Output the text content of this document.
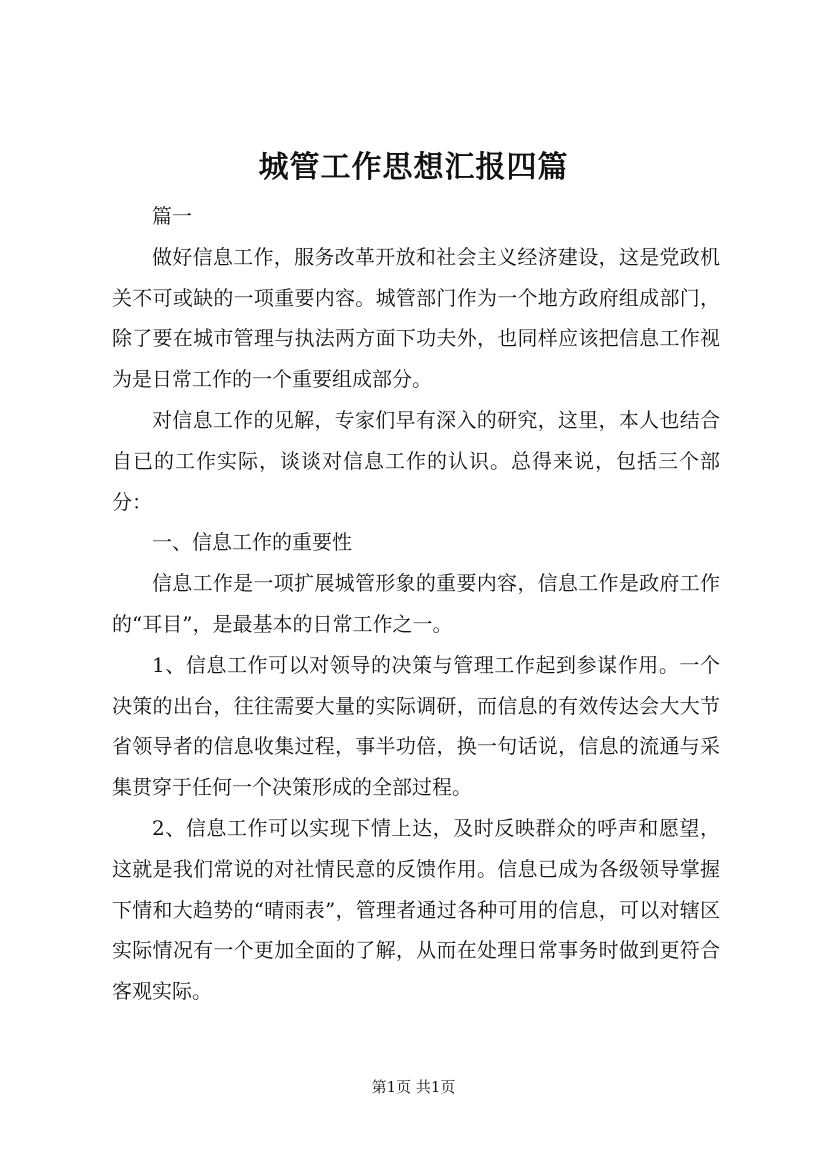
城管工作思想汇报四篇

篇一

做好信息工作，服务改革开放和社会主义经济建设，这是党政机关不可或缺的一项重要内容。城管部门作为一个地方政府组成部门，除了要在城市管理与执法两方面下功夫外，也同样应该把信息工作视为是日常工作的一个重要组成部分。

对信息工作的见解，专家们早有深入的研究，这里，本人也结合自已的工作实际，谈谈对信息工作的认识。总得来说，包括三个部分：

一、信息工作的重要性

信息工作是一项扩展城管形象的重要内容，信息工作是政府工作的“耳目”，是最基本的日常工作之一。

1、信息工作可以对领导的决策与管理工作起到参谋作用。一个决策的出台，往往需要大量的实际调研，而信息的有效传达会大大节省领导者的信息收集过程，事半功倍，换一句话说，信息的流通与采集贯穿于任何一个决策形成的全部过程。

2、信息工作可以实现下情上达，及时反映群众的呼声和愿望，这就是我们常说的对社情民意的反馈作用。信息已成为各级领导掌握下情和大趋势的“晴雨表”，管理者通过各种可用的信息，可以对辖区实际情况有一个更加全面的了解，从而在处理日常事务时做到更符合客观实际。

第1页 共1页
